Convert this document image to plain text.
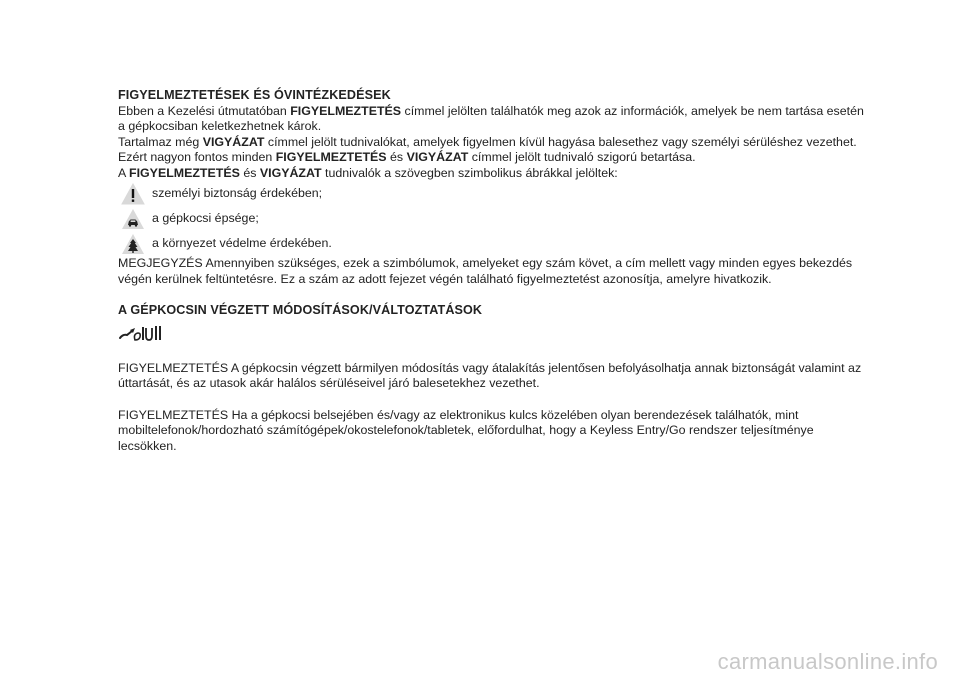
FIGYELMEZTETÉSEK ÉS ÓVINTÉZKEDÉSEK

Ebben a Kezelési útmutatóban FIGYELMEZTETÉS címmel jelölten találhatók meg azok az információk, amelyek be nem tartása esetén a gépkocsiban keletkezhetnek károk.

Tartalmaz még VIGYÁZAT címmel jelölt tudnivalókat, amelyek figyelmen kívül hagyása balesethez vagy személyi sérüléshez vezethet.

Ezért nagyon fontos minden FIGYELMEZTETÉS és VIGYÁZAT címmel jelölt tudnivaló szigorú betartása.

A FIGYELMEZTETÉS és VIGYÁZAT tudnivalók a szövegben szimbolikus ábrákkal jelöltek:

személyi biztonság érdekében;
a gépkocsi épsége;
a környezet védelme érdekében.

MEGJEGYZÉS Amennyiben szükséges, ezek a szimbólumok, amelyeket egy szám követ, a cím mellett vagy minden egyes bekezdés végén kerülnek feltüntetésre. Ez a szám az adott fejezet végén található figyelmeztetést azonosítja, amelyre hivatkozik.

A GÉPKOCSIN VÉGZETT MÓDOSÍTÁSOK/VÁLTOZTATÁSOK

FIGYELMEZTETÉS A gépkocsin végzett bármilyen módosítás vagy átalakítás jelentősen befolyásolhatja annak biztonságát valamint az úttartását, és az utasok akár halálos sérüléseivel járó balesetekhez vezethet.

FIGYELMEZTETÉS Ha a gépkocsi belsejében és/vagy az elektronikus kulcs közelében olyan berendezések találhatók, mint mobiltelefonok/hordozható számítógépek/okostelefonok/tabletek, előfordulhat, hogy a Keyless Entry/Go rendszer teljesítménye lecsökken.

carmanualsonline.info
